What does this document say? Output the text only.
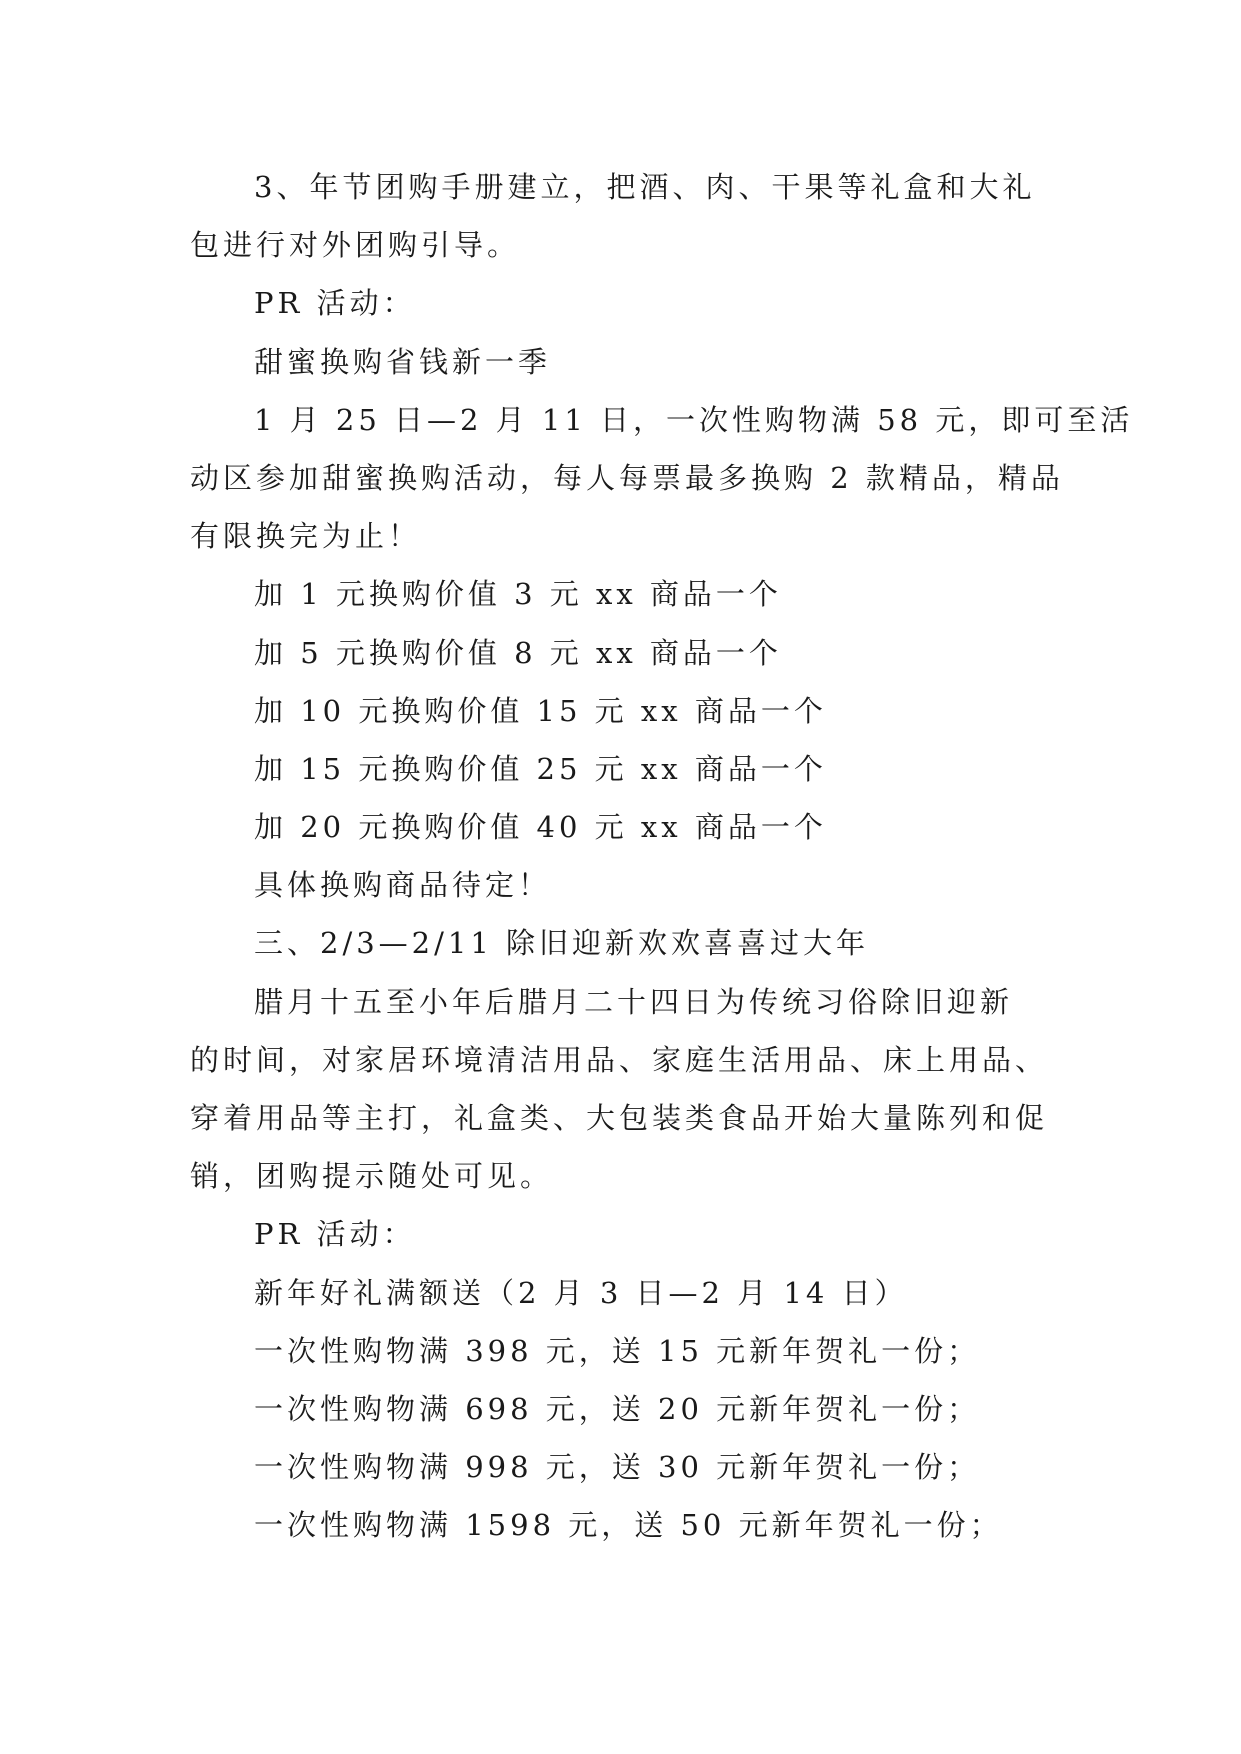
3、年节团购手册建立，把酒、肉、干果等礼盒和大礼
包进行对外团购引导。
PR 活动：
甜蜜换购省钱新一季
1 月 25 日—2 月 11 日，一次性购物满 58 元，即可至活
动区参加甜蜜换购活动，每人每票最多换购 2 款精品，精品
有限换完为止！
加 1 元换购价值 3 元 xx 商品一个
加 5 元换购价值 8 元 xx 商品一个
加 10 元换购价值 15 元 xx 商品一个
加 15 元换购价值 25 元 xx 商品一个
加 20 元换购价值 40 元 xx 商品一个
具体换购商品待定！
三、2/3—2/11 除旧迎新欢欢喜喜过大年
腊月十五至小年后腊月二十四日为传统习俗除旧迎新
的时间，对家居环境清洁用品、家庭生活用品、床上用品、
穿着用品等主打，礼盒类、大包装类食品开始大量陈列和促
销，团购提示随处可见。
PR 活动：
新年好礼满额送（2 月 3 日—2 月 14 日）
一次性购物满 398 元，送 15 元新年贺礼一份；
一次性购物满 698 元，送 20 元新年贺礼一份；
一次性购物满 998 元，送 30 元新年贺礼一份；
一次性购物满 1598 元，送 50 元新年贺礼一份；
